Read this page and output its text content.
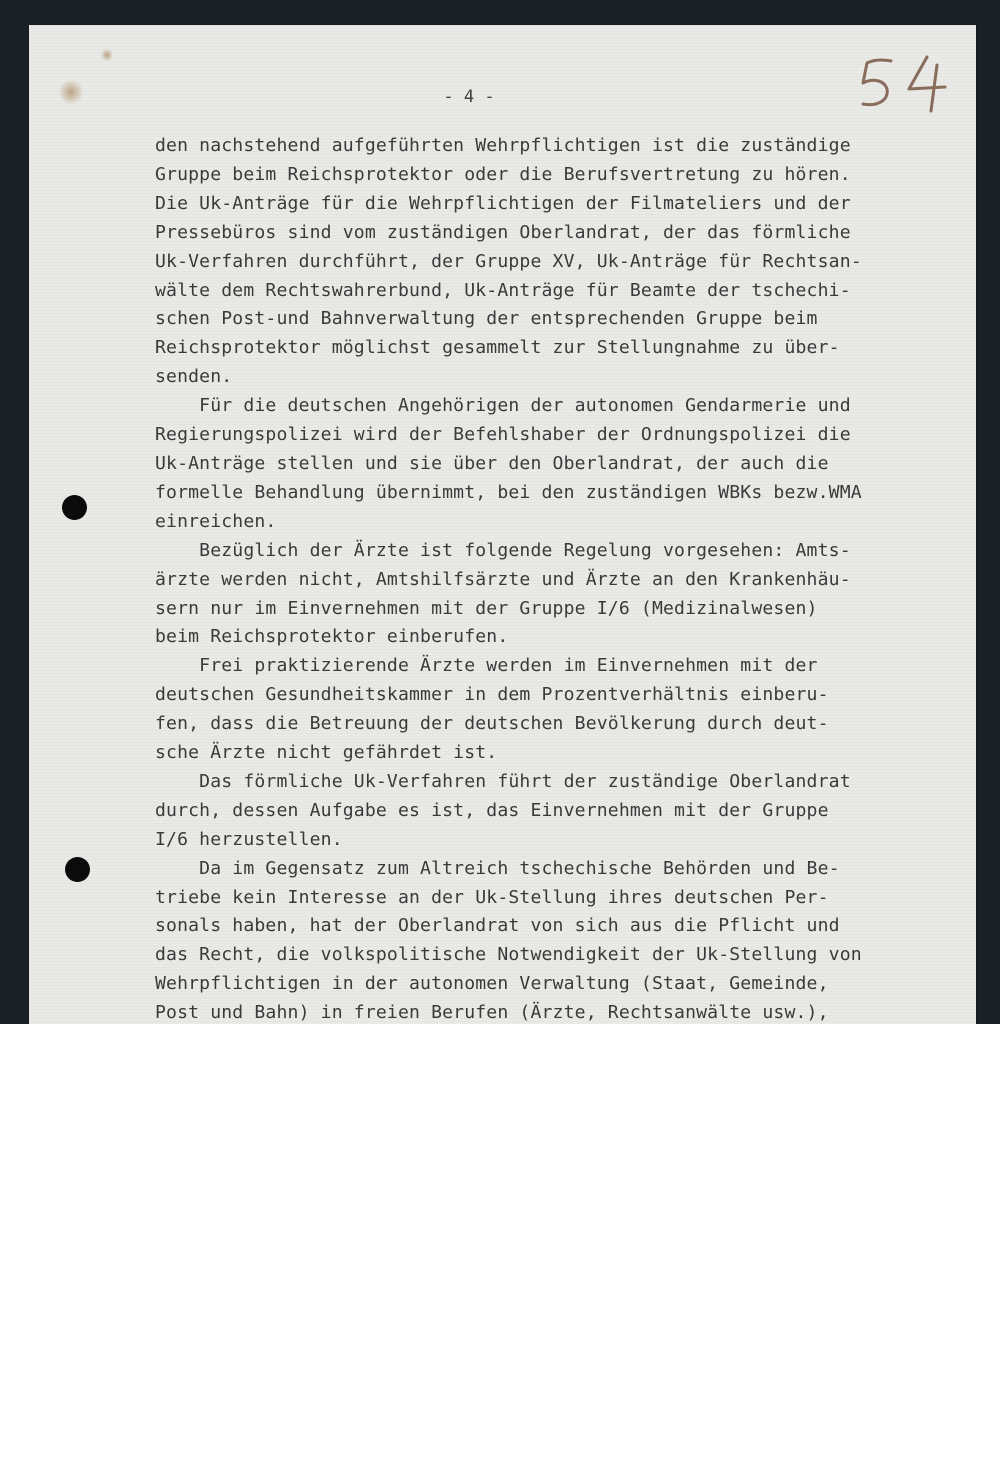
- 4 -

den nachstehend aufgeführten Wehrpflichtigen ist die zuständige
Gruppe beim Reichsprotektor oder die Berufsvertretung zu hören.
Die Uk-Anträge für die Wehrpflichtigen der Filmateliers und der
Pressebüros sind vom zuständigen Oberlandrat, der das förmliche
Uk-Verfahren durchführt, der Gruppe XV, Uk-Anträge für Rechtsan-
wälte dem Rechtswahrerbund, Uk-Anträge für Beamte der tschechi-
schen Post-und Bahnverwaltung der entsprechenden Gruppe beim
Reichsprotektor möglichst gesammelt zur Stellungnahme zu über-
senden.
Für die deutschen Angehörigen der autonomen Gendarmerie und
Regierungspolizei wird der Befehlshaber der Ordnungspolizei die
Uk-Anträge stellen und sie über den Oberlandrat, der auch die
formelle Behandlung übernimmt, bei den zuständigen WBKs bezw.WMA
einreichen.
Bezüglich der Ärzte ist folgende Regelung vorgesehen: Amts-
ärzte werden nicht, Amtshilfsärzte und Ärzte an den Krankenhäu-
sern nur im Einvernehmen mit der Gruppe I/6 (Medizinalwesen)
beim Reichsprotektor einberufen.
Frei praktizierende Ärzte werden im Einvernehmen mit der
deutschen Gesundheitskammer in dem Prozentverhältnis einberu-
fen, dass die Betreuung der deutschen Bevölkerung durch deut-
sche Ärzte nicht gefährdet ist.
Das förmliche Uk-Verfahren führt der zuständige Oberlandrat
durch, dessen Aufgabe es ist, das Einvernehmen mit der Gruppe
I/6 herzustellen.
Da im Gegensatz zum Altreich tschechische Behörden und Be-
triebe kein Interesse an der Uk-Stellung ihres deutschen Per-
sonals haben, hat der Oberlandrat von sich aus die Pflicht und
das Recht, die volkspolitische Notwendigkeit der Uk-Stellung von
Wehrpflichtigen in der autonomen Verwaltung (Staat, Gemeinde,
Post und Bahn) in freien Berufen (Ärzte, Rechtsanwälte usw.),
